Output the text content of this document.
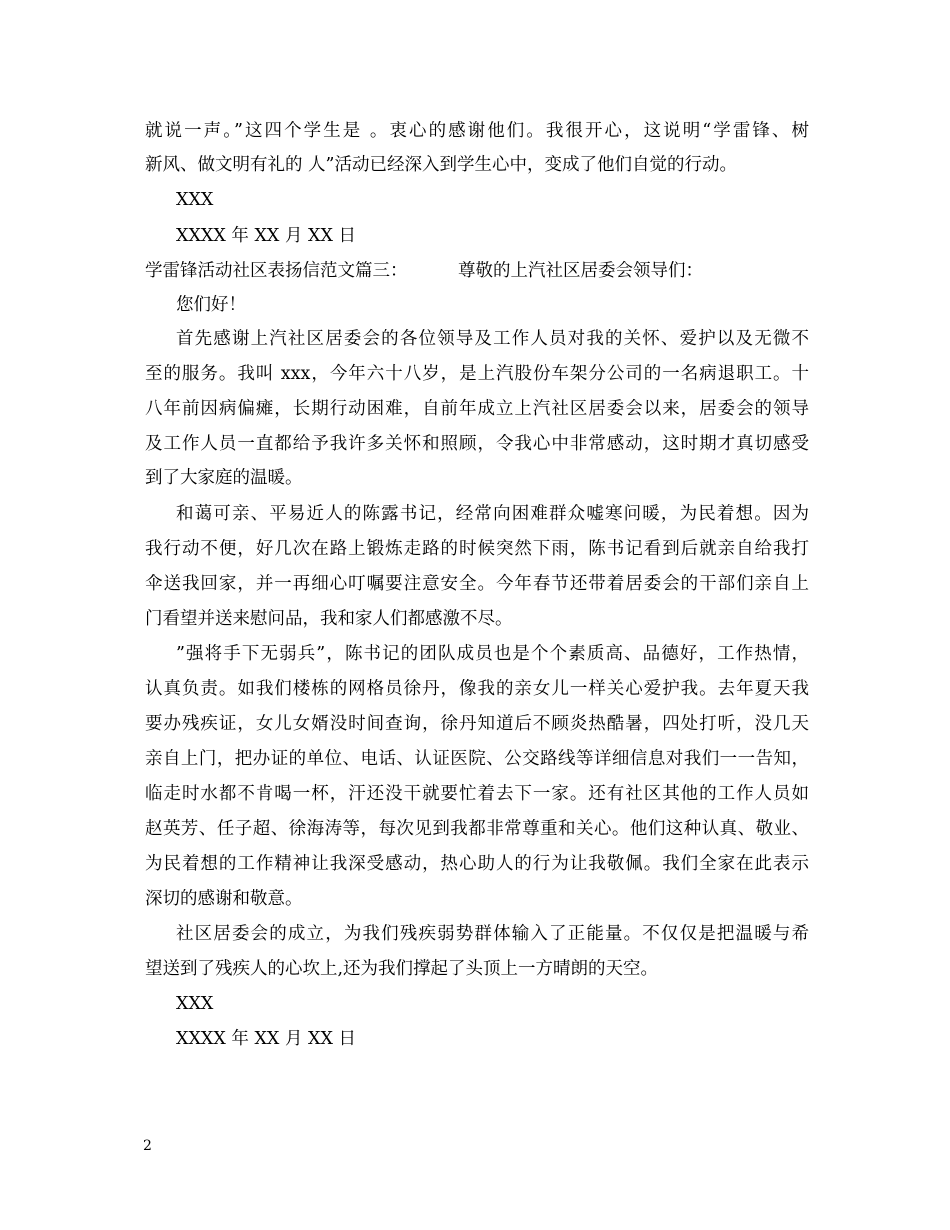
就说一声。”这四个学生是 。衷心的感谢他们。我很开心，这说明“学雷锋、树
新风、做文明有礼的 人”活动已经深入到学生心中，变成了他们自觉的行动。
XXX
XXXX 年 XX 月 XX 日
学雷锋活动社区表扬信范文篇三：	尊敬的上汽社区居委会领导们：
您们好！
首先感谢上汽社区居委会的各位领导及工作人员对我的关怀、爱护以及无微不
至的服务。我叫 xxx，今年六十八岁，是上汽股份车架分公司的一名病退职工。十
八年前因病偏瘫，长期行动困难，自前年成立上汽社区居委会以来，居委会的领导
及工作人员一直都给予我许多关怀和照顾，令我心中非常感动，这时期才真切感受
到了大家庭的温暖。
和蔼可亲、平易近人的陈露书记，经常向困难群众嘘寒问暖，为民着想。因为
我行动不便，好几次在路上锻炼走路的时候突然下雨，陈书记看到后就亲自给我打
伞送我回家，并一再细心叮嘱要注意安全。今年春节还带着居委会的干部们亲自上
门看望并送来慰问品，我和家人们都感激不尽。
”强将手下无弱兵”，陈书记的团队成员也是个个素质高、品德好，工作热情，
认真负责。如我们楼栋的网格员徐丹，像我的亲女儿一样关心爱护我。去年夏天我
要办残疾证，女儿女婿没时间查询，徐丹知道后不顾炎热酷暑，四处打听，没几天
亲自上门，把办证的单位、电话、认证医院、公交路线等详细信息对我们一一告知，
临走时水都不肯喝一杯，汗还没干就要忙着去下一家。还有社区其他的工作人员如
赵英芳、任子超、徐海涛等，每次见到我都非常尊重和关心。他们这种认真、敬业、
为民着想的工作精神让我深受感动，热心助人的行为让我敬佩。我们全家在此表示
深切的感谢和敬意。
社区居委会的成立，为我们残疾弱势群体输入了正能量。不仅仅是把温暖与希
望送到了残疾人的心坎上,还为我们撑起了头顶上一方晴朗的天空。
XXX
XXXX 年 XX 月 XX 日
2
